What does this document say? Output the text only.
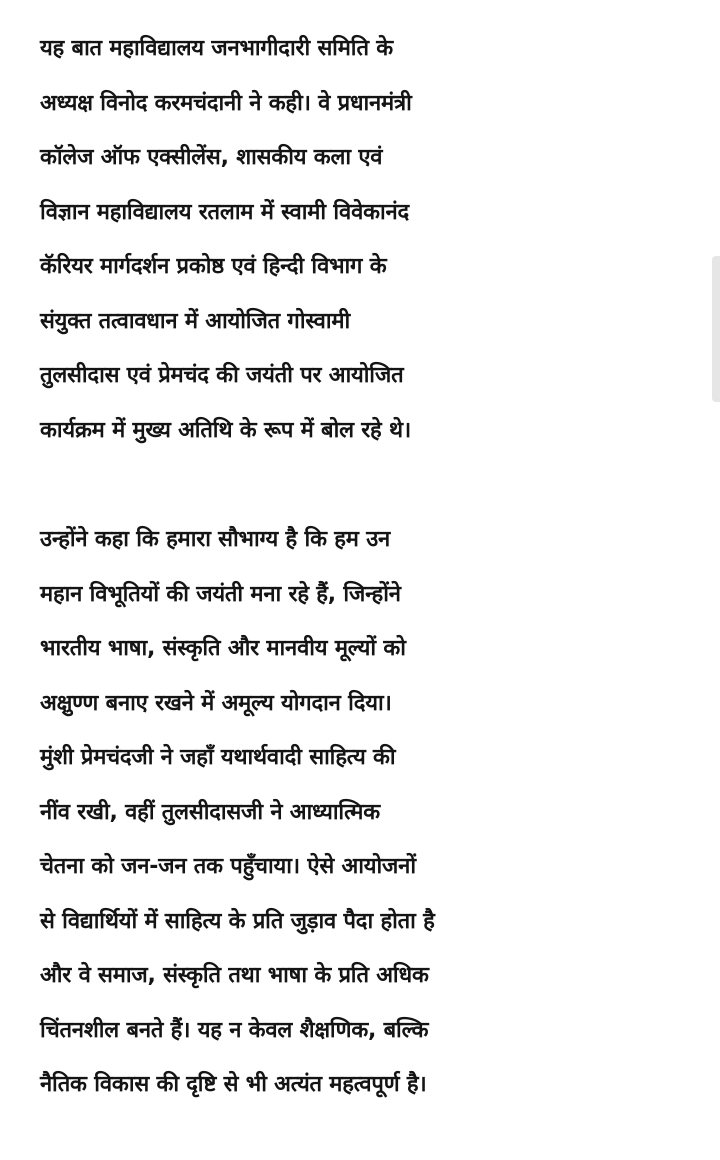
यह बात महाविद्यालय जनभागीदारी समिति के
अध्यक्ष विनोद करमचंदानी ने कही। वे प्रधानमंत्री
कॉलेज ऑफ एक्सीलेंस, शासकीय कला एवं
विज्ञान महाविद्यालय रतलाम में स्वामी विवेकानंद
कॅरियर मार्गदर्शन प्रकोष्ठ एवं हिन्दी विभाग के
संयुक्त तत्वावधान में आयोजित गोस्वामी
तुलसीदास एवं प्रेमचंद की जयंती पर आयोजित
कार्यक्रम में मुख्य अतिथि के रूप में बोल रहे थे।

उन्होंने कहा कि हमारा सौभाग्य है कि हम उन
महान विभूतियों की जयंती मना रहे हैं, जिन्होंने
भारतीय भाषा, संस्कृति और मानवीय मूल्यों को
अक्षुण्ण बनाए रखने में अमूल्य योगदान दिया।
मुंशी प्रेमचंदजी ने जहाँ यथार्थवादी साहित्य की
नींव रखी, वहीं तुलसीदासजी ने आध्यात्मिक
चेतना को जन-जन तक पहुँचाया। ऐसे आयोजनों
से विद्यार्थियों में साहित्य के प्रति जुड़ाव पैदा होता है
और वे समाज, संस्कृति तथा भाषा के प्रति अधिक
चिंतनशील बनते हैं। यह न केवल शैक्षणिक, बल्कि
नैतिक विकास की दृष्टि से भी अत्यंत महत्वपूर्ण है।
